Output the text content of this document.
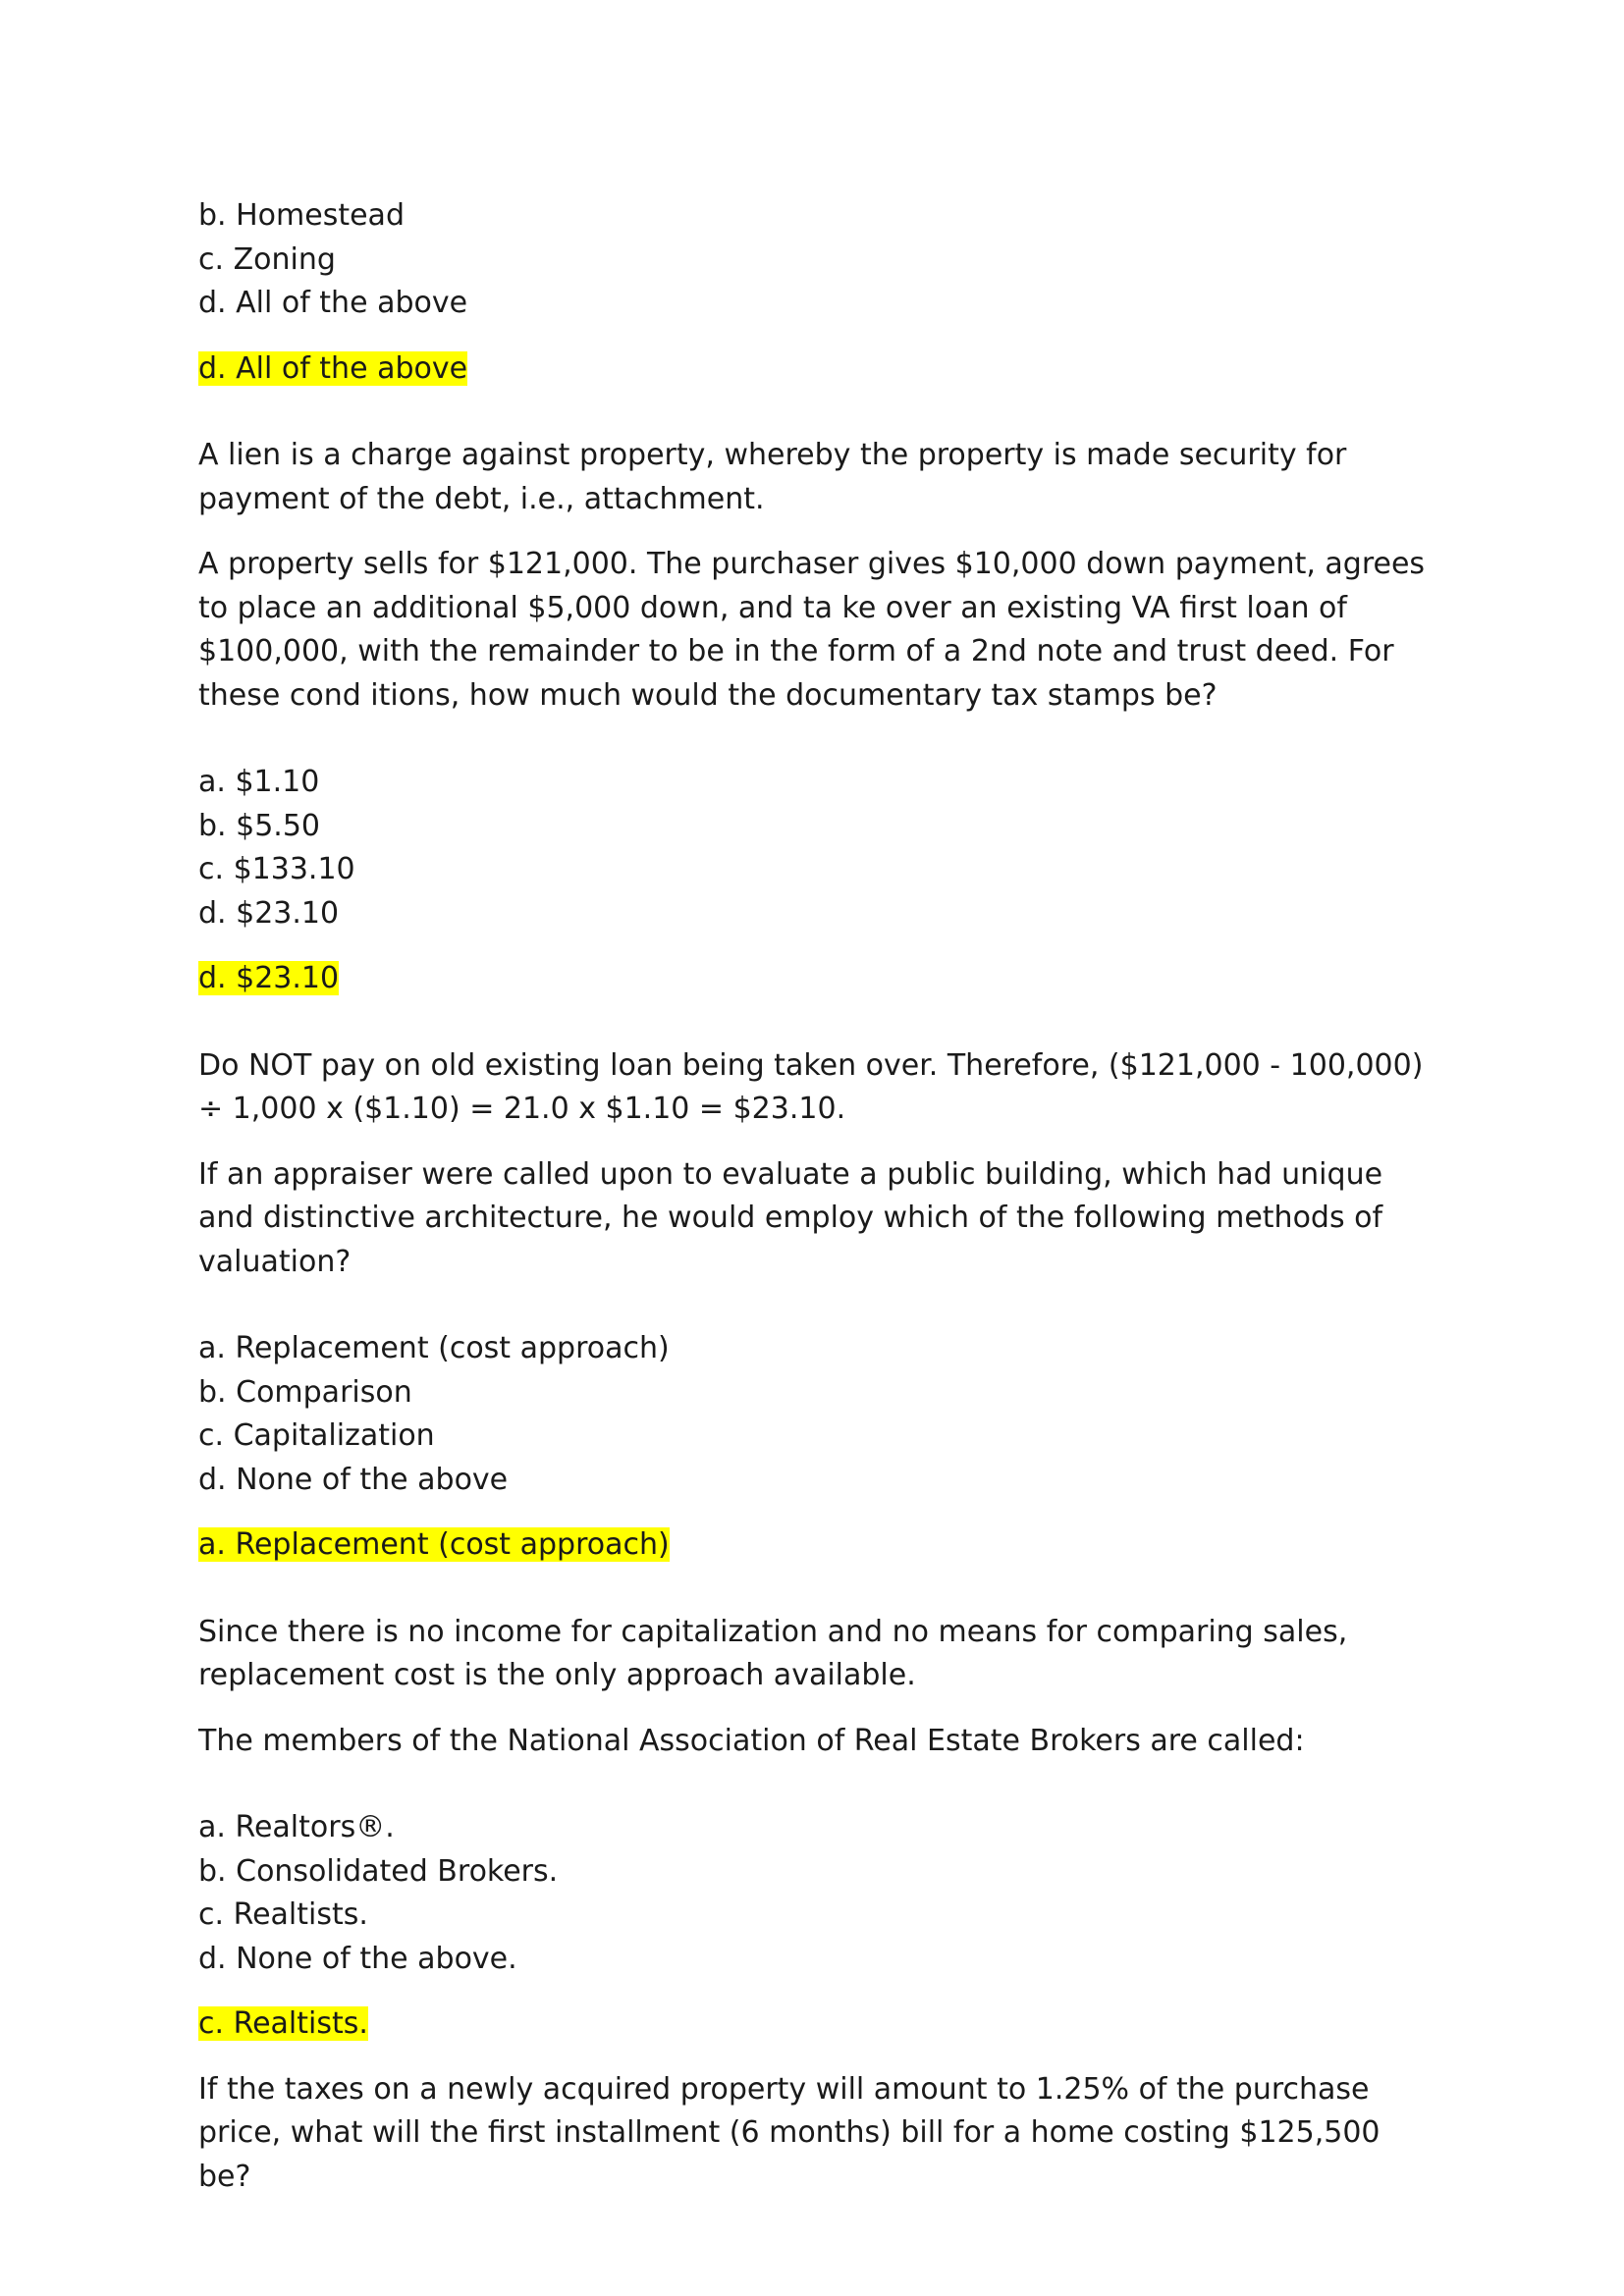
b. Homestead
c. Zoning
d. All of the above
d. All of the above
A lien is a charge against property, whereby the property is made security for payment of the debt, i.e., attachment.
A property sells for $121,000. The purchaser gives $10,000 down payment, agrees to place an additional $5,000 down, and ta ke over an existing VA first loan of $100,000, with the remainder to be in the form of a 2nd note and trust deed. For these cond itions, how much would the documentary tax stamps be?
a. $1.10
b. $5.50
c. $133.10
d. $23.10
d. $23.10
Do NOT pay on old existing loan being taken over. Therefore, ($121,000 - 100,000) ÷ 1,000 x ($1.10) = 21.0 x $1.10 = $23.10.
If an appraiser were called upon to evaluate a public building, which had unique and distinctive architecture, he would employ which of the following methods of valuation?
a. Replacement (cost approach)
b. Comparison
c. Capitalization
d. None of the above
a. Replacement (cost approach)
Since there is no income for capitalization and no means for comparing sales, replacement cost is the only approach available.
The members of the National Association of Real Estate Brokers are called:
a. Realtors®.
b. Consolidated Brokers.
c. Realtists.
d. None of the above.
c. Realtists.
If the taxes on a newly acquired property will amount to 1.25% of the purchase price, what will the first installment (6 months) bill for a home costing $125,500 be?
